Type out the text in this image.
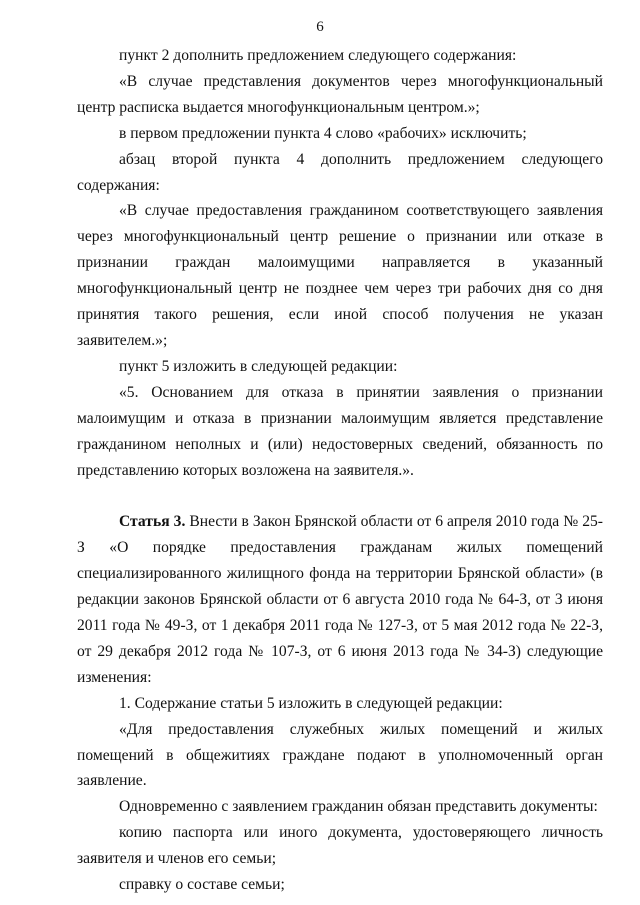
6

пункт 2 дополнить предложением следующего содержания:

«В случае представления документов через многофункциональный центр расписка выдается многофункциональным центром.»;

в первом предложении пункта 4 слово «рабочих» исключить;

абзац второй пункта 4 дополнить предложением следующего содержания:

«В случае предоставления гражданином соответствующего заявления через многофункциональный центр решение о признании или отказе в признании граждан малоимущими направляется в указанный многофункциональный центр не позднее чем через три рабочих дня со дня принятия такого решения, если иной способ получения не указан заявителем.»;

пункт 5 изложить в следующей редакции:

«5. Основанием для отказа в принятии заявления о признании малоимущим и отказа в признании малоимущим является представление гражданином неполных и (или) недостоверных сведений, обязанность по представлению которых возложена на заявителя.».

Статья 3. Внести в Закон Брянской области от 6 апреля 2010 года № 25-З «О порядке предоставления гражданам жилых помещений специализированного жилищного фонда на территории Брянской области» (в редакции законов Брянской области от 6 августа 2010 года № 64-З, от 3 июня 2011 года № 49-З, от 1 декабря 2011 года № 127-З, от 5 мая 2012 года № 22-З, от 29 декабря 2012 года № 107-З, от 6 июня 2013 года № 34-З) следующие изменения:

1. Содержание статьи 5 изложить в следующей редакции:

«Для предоставления служебных жилых помещений и жилых помещений в общежитиях граждане подают в уполномоченный орган заявление.

Одновременно с заявлением гражданин обязан представить документы:

копию паспорта или иного документа, удостоверяющего личность заявителя и членов его семьи;

справку о составе семьи;
